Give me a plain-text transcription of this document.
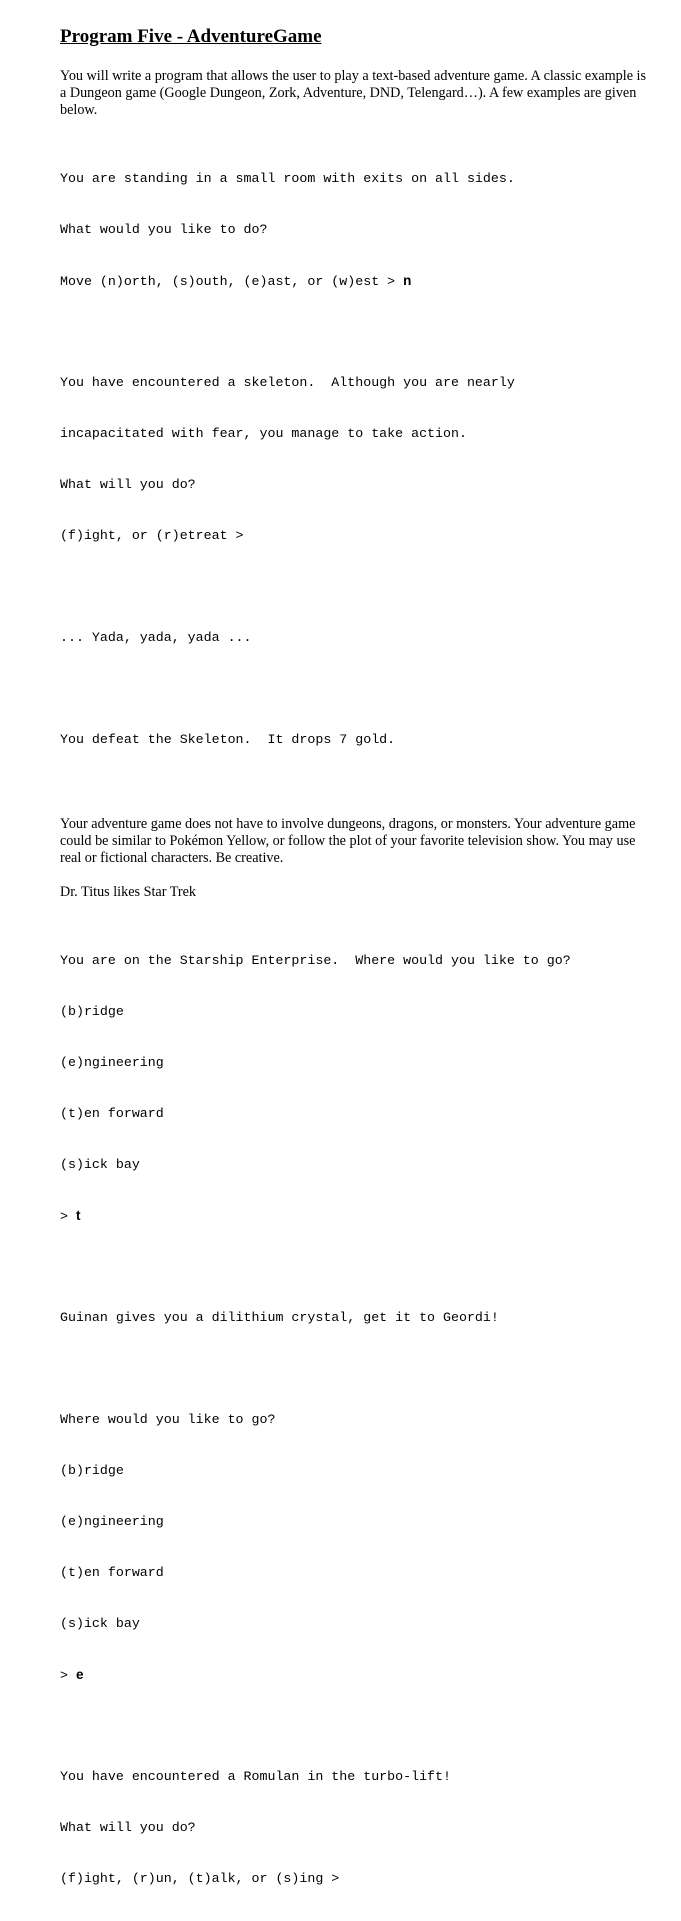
Program Five - AdventureGame

You will write a program that allows the user to play a text-based adventure game. A classic example is a Dungeon game (Google Dungeon, Zork, Adventure, DND, Telengard…). A few examples are given below.

You are standing in a small room with exits on all sides.

What would you like to do?

Move (n)orth, (s)outh, (e)ast, or (w)est > n

You have encountered a skeleton.  Although you are nearly

incapacitated with fear, you manage to take action.

What will you do?

(f)ight, or (r)etreat >

... Yada, yada, yada ...

You defeat the Skeleton.  It drops 7 gold.

Your adventure game does not have to involve dungeons, dragons, or monsters. Your adventure game could be similar to Pokémon Yellow, or follow the plot of your favorite television show. You may use real or fictional characters. Be creative.

Dr. Titus likes Star Trek

You are on the Starship Enterprise.  Where would you like to go?

(b)ridge

(e)ngineering

(t)en forward

(s)ick bay

> t

Guinan gives you a dilithium crystal, get it to Geordi!

Where would you like to go?

(b)ridge

(e)ngineering

(t)en forward

(s)ick bay

> e

You have encountered a Romulan in the turbo-lift!

What will you do?

(f)ight, (r)un, (t)alk, or (s)ing >
